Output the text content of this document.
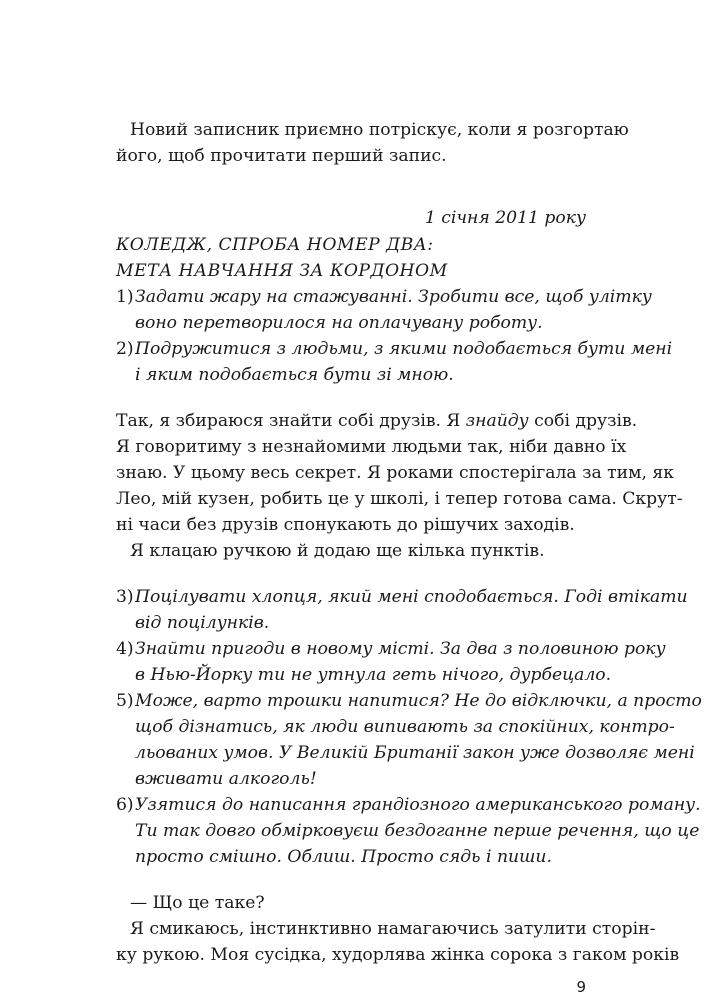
Новий записник приємно потріскує, коли я розгортаю
його, щоб прочитати перший запис.
1 січня 2011 року
КОЛЕДЖ, СПРОБА НОМЕР ДВА:
МЕТА НАВЧАННЯ ЗА КОРДОНОМ
1) Задати жару на стажуванні. Зробити все, щоб улітку
воно перетворилося на оплачувану роботу.
2) Подружитися з людьми, з якими подобається бути мені
і яким подобається бути зі мною.
Так, я збираюся знайти собі друзів. Я знайду собі друзів.
Я говоритиму з незнайомими людьми так, ніби давно їх
знаю. У цьому весь секрет. Я роками спостерігала за тим, як
Лео, мій кузен, робить це у школі, і тепер готова сама. Скрут-
ні часи без друзів спонукають до рішучих заходів.
Я клацаю ручкою й додаю ще кілька пунктів.
3) Поцілувати хлопця, який мені сподобається. Годі втікати
від поцілунків.
4) Знайти пригоди в новому місті. За два з половиною року
в Нью-Йорку ти не утнула геть нічого, дурбецало.
5) Може, варто трошки напитися? Не до відключки, а просто
щоб дізнатись, як люди випивають за спокійних, контро-
льованих умов. У Великій Британії закон уже дозволяє мені
вживати алкоголь!
6) Узятися до написання грандіозного американського роману.
Ти так довго обмірковуєш бездоганне перше речення, що це
просто смішно. Облиш. Просто сядь і пиши.
— Що це таке?
Я смикаюсь, інстинктивно намагаючись затулити сторін-
ку рукою. Моя сусідка, худорлява жінка сорока з гаком років
9
